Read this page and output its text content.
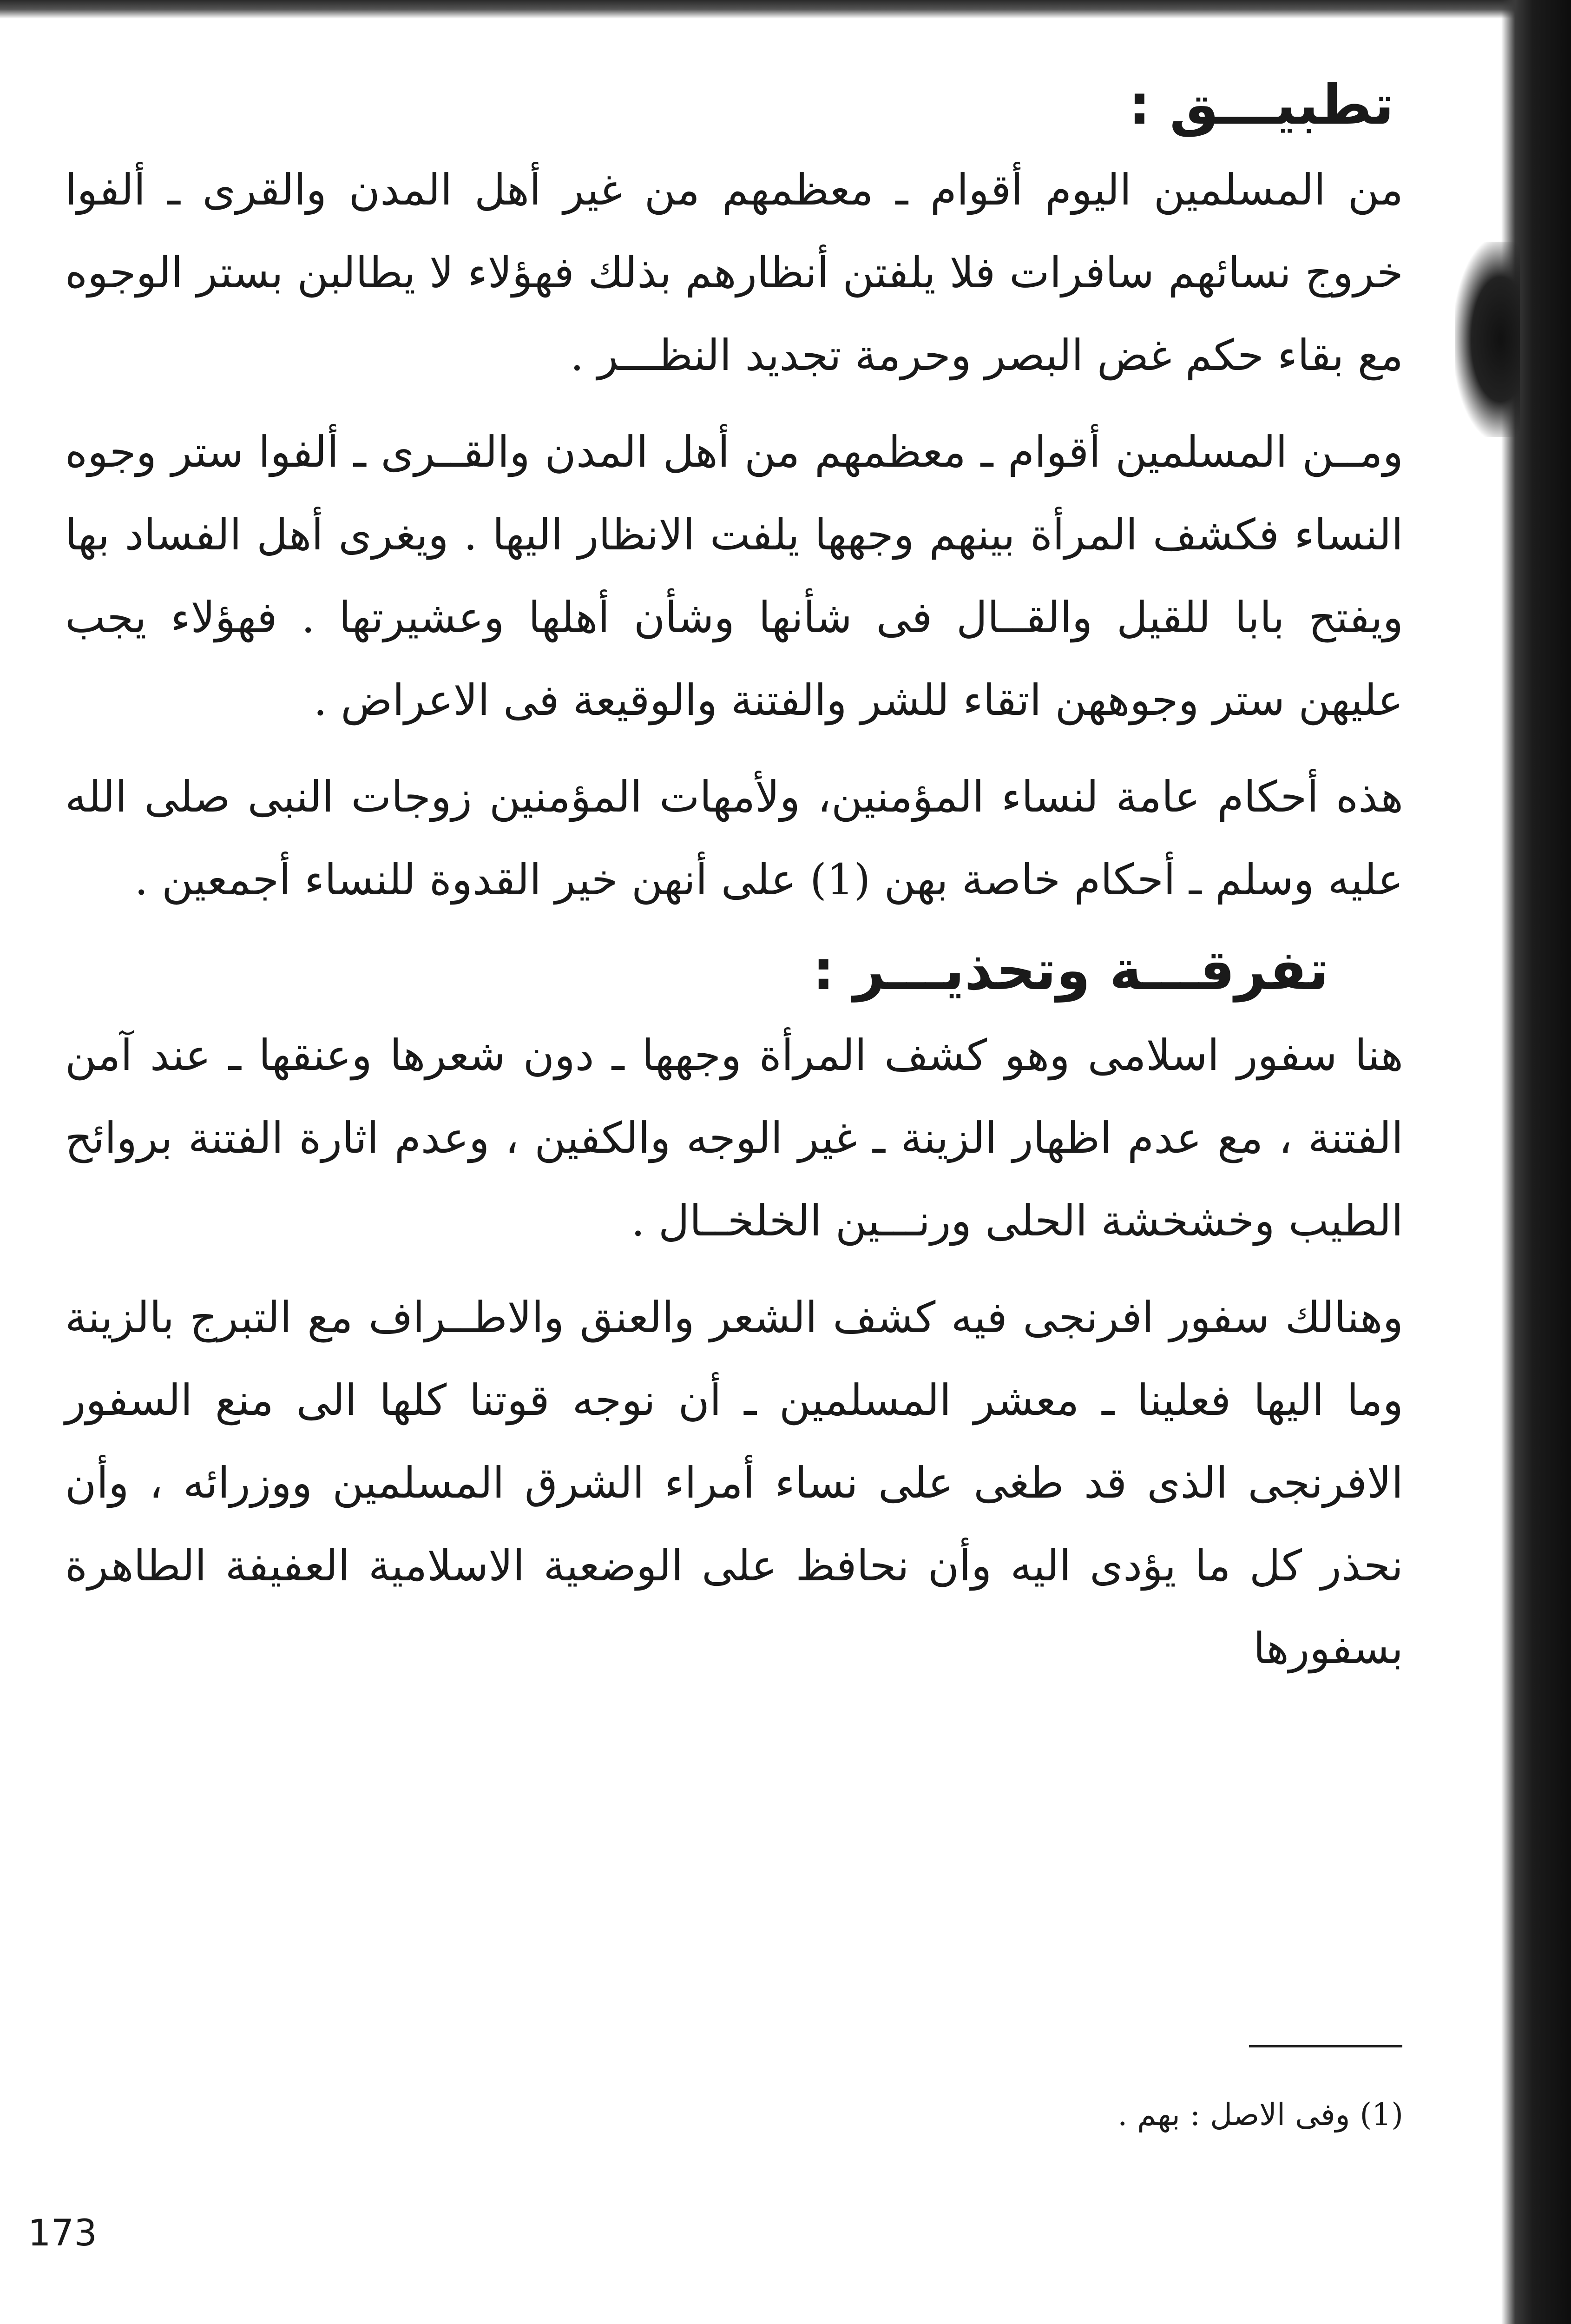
تطبيـــق :

من المسلمين اليوم أقوام ـ معظمهم من غير أهل المدن والقرى ـ ألفوا خروج نسائهم سافرات فلا يلفتن أنظارهم بذلك فهؤلاء لا يطالبن بستر الوجوه مع بقاء حكم غض البصر وحرمة تجديد النظـــر .

ومــن المسلمين أقوام ـ معظمهم من أهل المدن والقــرى ـ ألفوا ستر وجوه النساء فكشف المرأة بينهم وجهها يلفت الانظار اليها . ويغرى أهل الفساد بها ويفتح بابا للقيل والقــال فى شأنها وشأن أهلها وعشيرتها . فهؤلاء يجب عليهن ستر وجوههن اتقاء للشر والفتنة والوقيعة فى الاعراض .

هذه أحكام عامة لنساء المؤمنين، ولأمهات المؤمنين زوجات النبى صلى الله عليه وسلم ـ أحكام خاصة بهن (1) على أنهن خير القدوة للنساء أجمعين .

تفرقـــة وتحذيـــر :

هنا سفور اسلامى وهو كشف المرأة وجهها ـ دون شعرها وعنقها ـ عند آمن الفتنة ، مع عدم اظهار الزينة ـ غير الوجه والكفين ، وعدم اثارة الفتنة بروائح الطيب وخشخشة الحلى ورنـــين الخلخــال .

وهنالك سفور افرنجى فيه كشف الشعر والعنق والاطــراف مع التبرج بالزينة وما اليها فعلينا ـ معشر المسلمين ـ أن نوجه قوتنا كلها الى منع السفور الافرنجى الذى قد طغى على نساء أمراء الشرق المسلمين ووزرائه ، وأن نحذر كل ما يؤدى اليه وأن نحافظ على الوضعية الاسلامية العفيفة الطاهرة بسفورها

(1) وفى الاصل : بهم .
173
